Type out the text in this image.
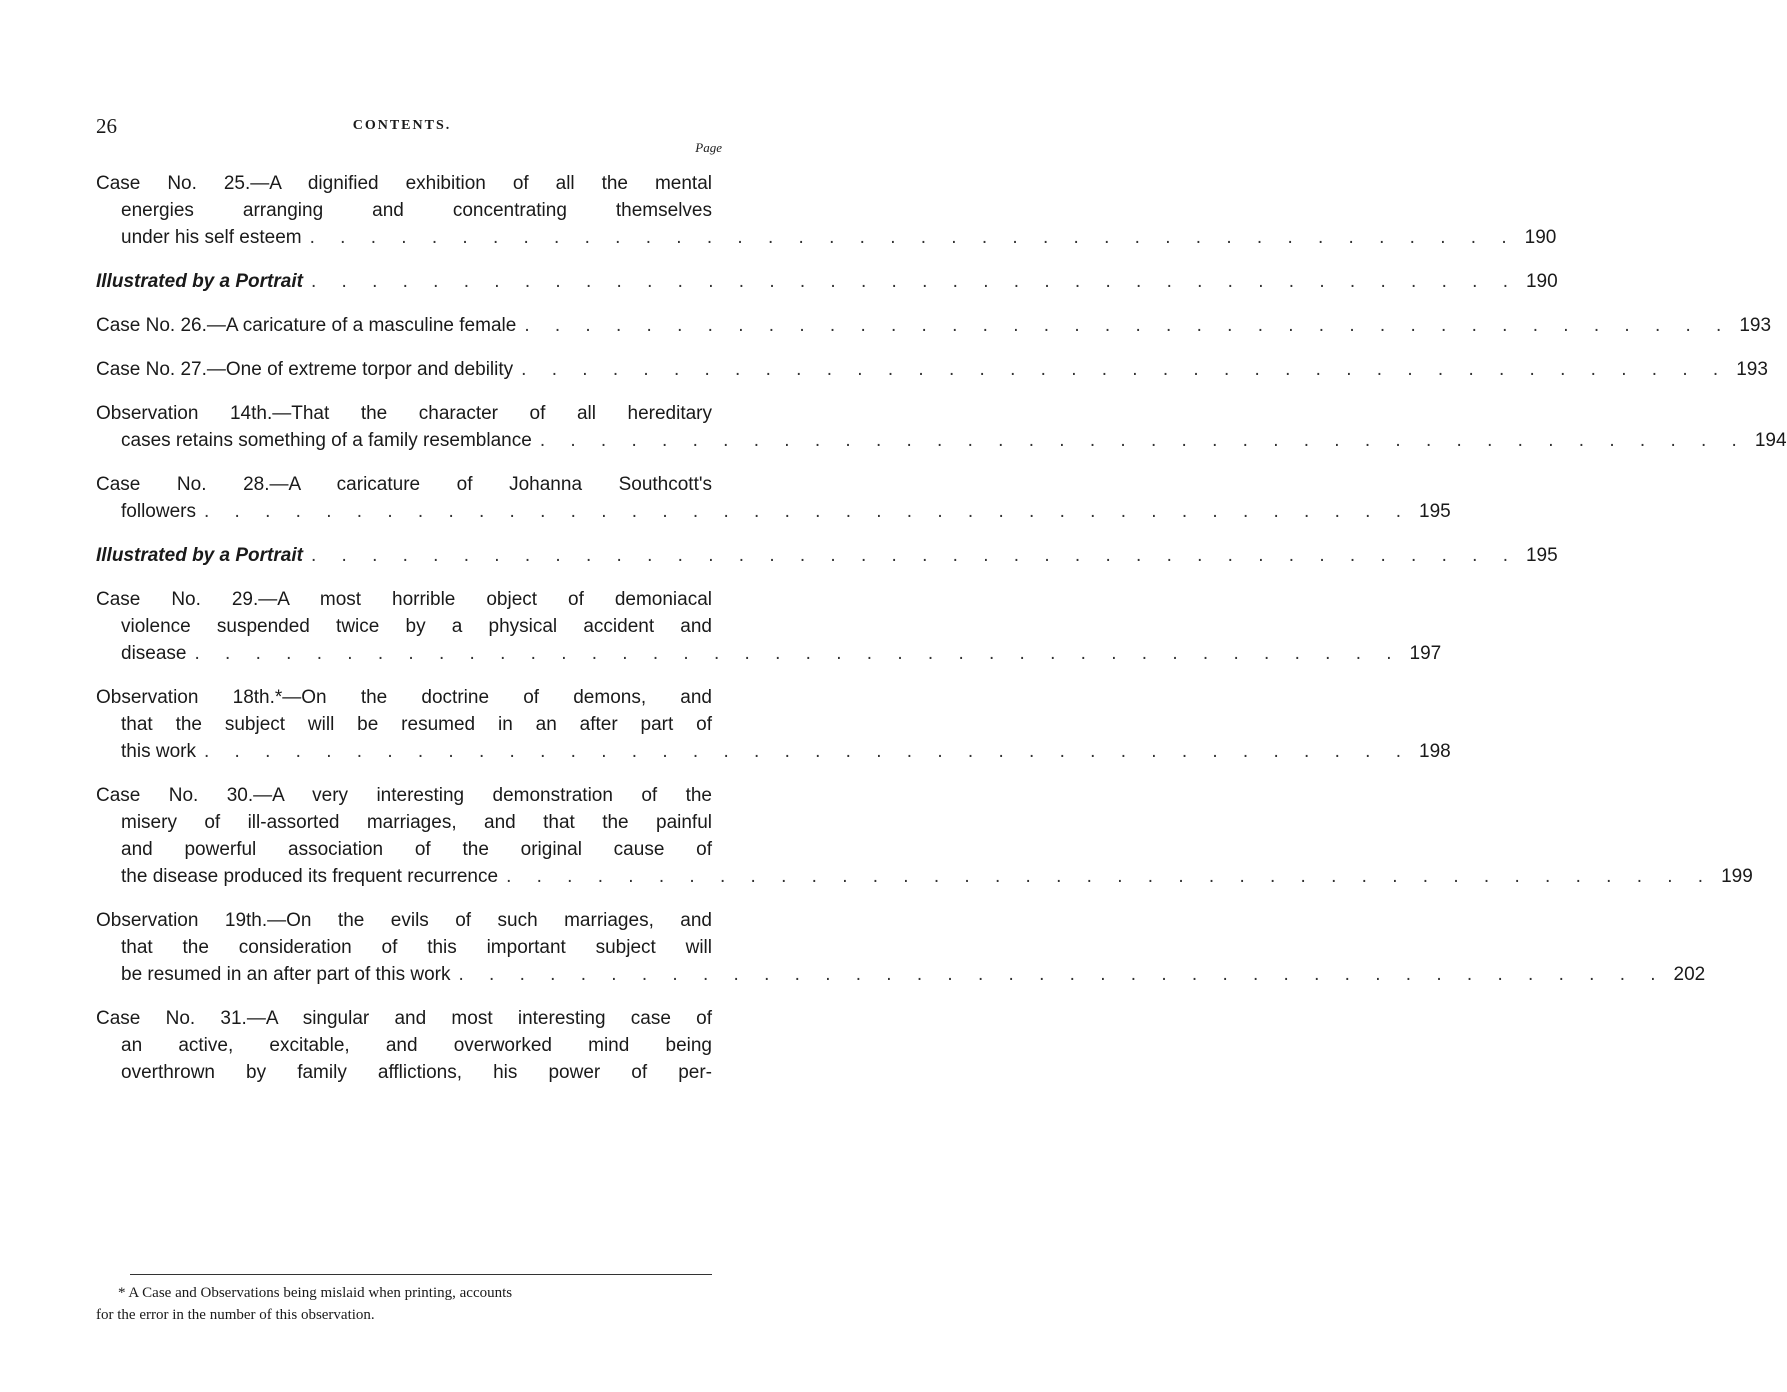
26	CONTENTS.
Page
Case No. 25.—A dignified exhibition of all the mental
energies arranging and concentrating themselves
under his self esteem . . . . . . . . . . . . . . . . . . . . . . . . . . . . . . . . . . . . . . . . 190
Illustrated by a Portrait . . . . . . . . . . . . . . . . . . . . . . . . . . . . . . . . . . . . . . . . 190
Case No. 26.—A caricature of a masculine female . . . . . . . . . . . . . . . . . . . . . . . . . . . . . . . . . . . . . . . . 193
Case No. 27.—One of extreme torpor and debility . . . . . . . . . . . . . . . . . . . . . . . . . . . . . . . . . . . . . . . . 193
Observation 14th.—That the character of all hereditary
cases retains something of a family resemblance . . . . . . . . . . . . . . . . . . . . . . . . . . . . . . . . . . . . . . . . 194
Case No. 28.—A caricature of Johanna Southcott's
followers . . . . . . . . . . . . . . . . . . . . . . . . . . . . . . . . . . . . . . . . 195
Illustrated by a Portrait . . . . . . . . . . . . . . . . . . . . . . . . . . . . . . . . . . . . . . . . 195
Case No. 29.—A most horrible object of demoniacal
violence suspended twice by a physical accident and
disease . . . . . . . . . . . . . . . . . . . . . . . . . . . . . . . . . . . . . . . . 197
Observation 18th.*—On the doctrine of demons, and
that the subject will be resumed in an after part of
this work . . . . . . . . . . . . . . . . . . . . . . . . . . . . . . . . . . . . . . . . 198
Case No. 30.—A very interesting demonstration of the
misery of ill-assorted marriages, and that the painful
and powerful association of the original cause of
the disease produced its frequent recurrence . . . . . . . . . . . . . . . . . . . . . . . . . . . . . . . . . . . . . . . . 199
Observation 19th.—On the evils of such marriages, and
that the consideration of this important subject will
be resumed in an after part of this work . . . . . . . . . . . . . . . . . . . . . . . . . . . . . . . . . . . . . . . . 202
Case No. 31.—A singular and most interesting case of
an active, excitable, and overworked mind being
overthrown by family afflictions, his power of per-
* A Case and Observations being mislaid when printing, accounts
for the error in the number of this observation.
